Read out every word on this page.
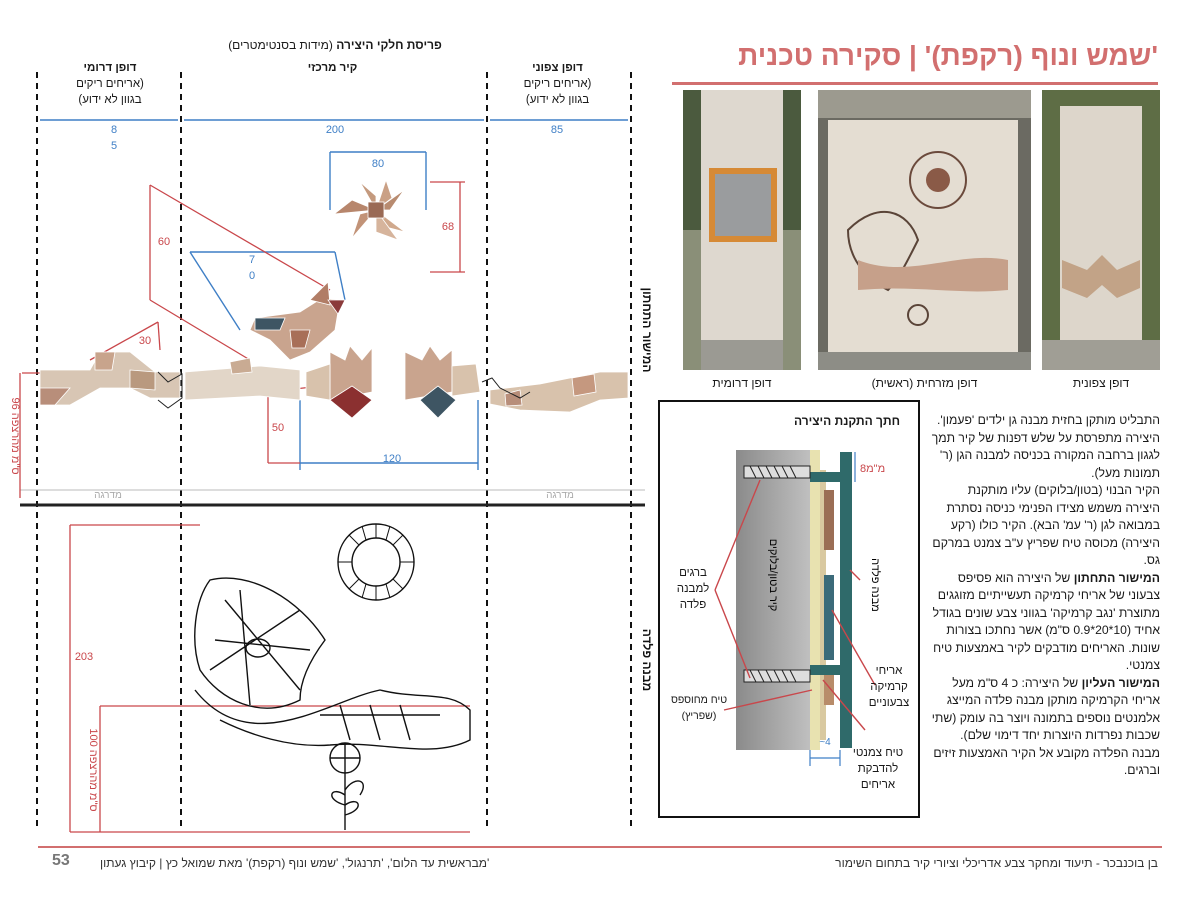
'שמש ונוף (רקפת)' | סקירה טכנית
פריסת חלקי היצירה (מידות בסנטימטרים)
דופן דרומי
(אריחים ריקים
בגוון לא ידוע)
קיר מרכזי	דופן צפוני
(אריחים ריקים
בגוון לא ידוע)
8
5
200	85
80
7
0
120
68
60
30
50
203
96 ס"מ מהרצפה
100 ס"מ מהרצפה
מדרגה	מדרגה
המישור התחתון
מבנה פלדה
דופן דרומית	דופן מזרחית (ראשית)	דופן צפונית
התבליט מותקן בחזית מבנה גן ילדים 'פעמון'. היצירה מתפרסת על שלש דפנות של קיר תמך לגגון ברחבה המקורה בכניסה למבנה הגן (ר' תמונות מעל).
הקיר הבנוי (בטון/בלוקים) עליו מותקנת היצירה משמש מצידו הפנימי כניסה נסתרת במבואה לגן (ר' עמ' הבא). הקיר כולו (רקע היצירה) מכוסה טיח שפריץ ע"ב צמנט במרקם גס.
המישור התחתון של היצירה הוא פסיפס צבעוני של אריחי קרמיקה תעשייתיים מזוגגים מתוצרת 'נגב קרמיקה' בגווני צבע שונים בגודל אחיד (10*20*0.9 ס"מ) אשר נחתכו בצורות שונות. האריחים מודבקים לקיר באמצעות טיח צמנטי.
המישור העליון של היצירה: כ 4 ס"מ מעל אריחי הקרמיקה מותקן מבנה פלדה המייצג אלמנטים נוספים בתמונה ויוצר בה עומק (שתי שכבות נפרדות היוצרות יחד דימוי שלם). מבנה הפלדה מקובע אל הקיר האמצעות זיזים וברגים.
חתך התקנת היצירה
8מ"מ
~4
קיר בטון/בלוקים	מבנה פלדה
ברגים
למבנה
פלדה
טיח מחוספס
(שפריץ)
אריחי
קרמיקה
צבעוניים
טיח צמנטי
להדבקת
אריחים
53	'מבראשית עד הלום', 'תרנגול', 'שמש ונוף (רקפת)' מאת שמואל כץ | קיבוץ געתון	בן בוכנבכר - תיעוד ומחקר צבע אדריכלי וציורי קיר בתחום השימור
